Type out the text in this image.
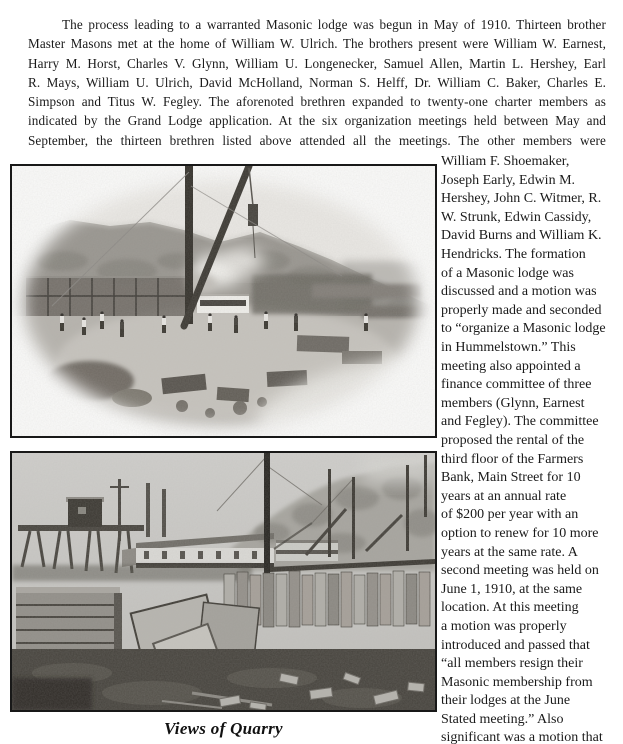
The process leading to a warranted Masonic lodge was begun in May of 1910. Thirteen brother
Master Masons met at the home of William W. Ulrich. The brothers present were William W. Earnest,
Harry M. Horst, Charles V. Glynn, William U. Longenecker, Samuel Allen, Martin L. Hershey, Earl
R. Mays, William U. Ulrich, David McHolland, Norman S. Helff, Dr. William C. Baker, Charles E.
Simpson and Titus W. Fegley. The aforenoted brethren expanded to twenty-one charter members as
indicated by the Grand Lodge application. At the six organization meetings held between May and
September, the thirteen brethren listed above attended all the meetings. The other members were
Views of Quarry
William F. Shoemaker,
Joseph Early, Edwin M.
Hershey, John C. Witmer, R.
W. Strunk, Edwin Cassidy,
David Burns and William K.
Hendricks. The formation
of a Masonic lodge was
discussed and a motion was
properly made and seconded
to “organize a Masonic lodge
in Hummelstown.” This
meeting also appointed a
finance committee of three
members (Glynn, Earnest
and Fegley). The committee
proposed the rental of the
third floor of the Farmers
Bank, Main Street for 10
years at an annual rate
of $200 per year with an
option to renew for 10 more
years at the same rate. A
second meeting was held on
June 1, 1910, at the same
location. At this meeting
a motion was properly
introduced and passed that
“all members resign their
Masonic membership from
their lodges at the June
Stated meeting.” Also
significant was a motion that
